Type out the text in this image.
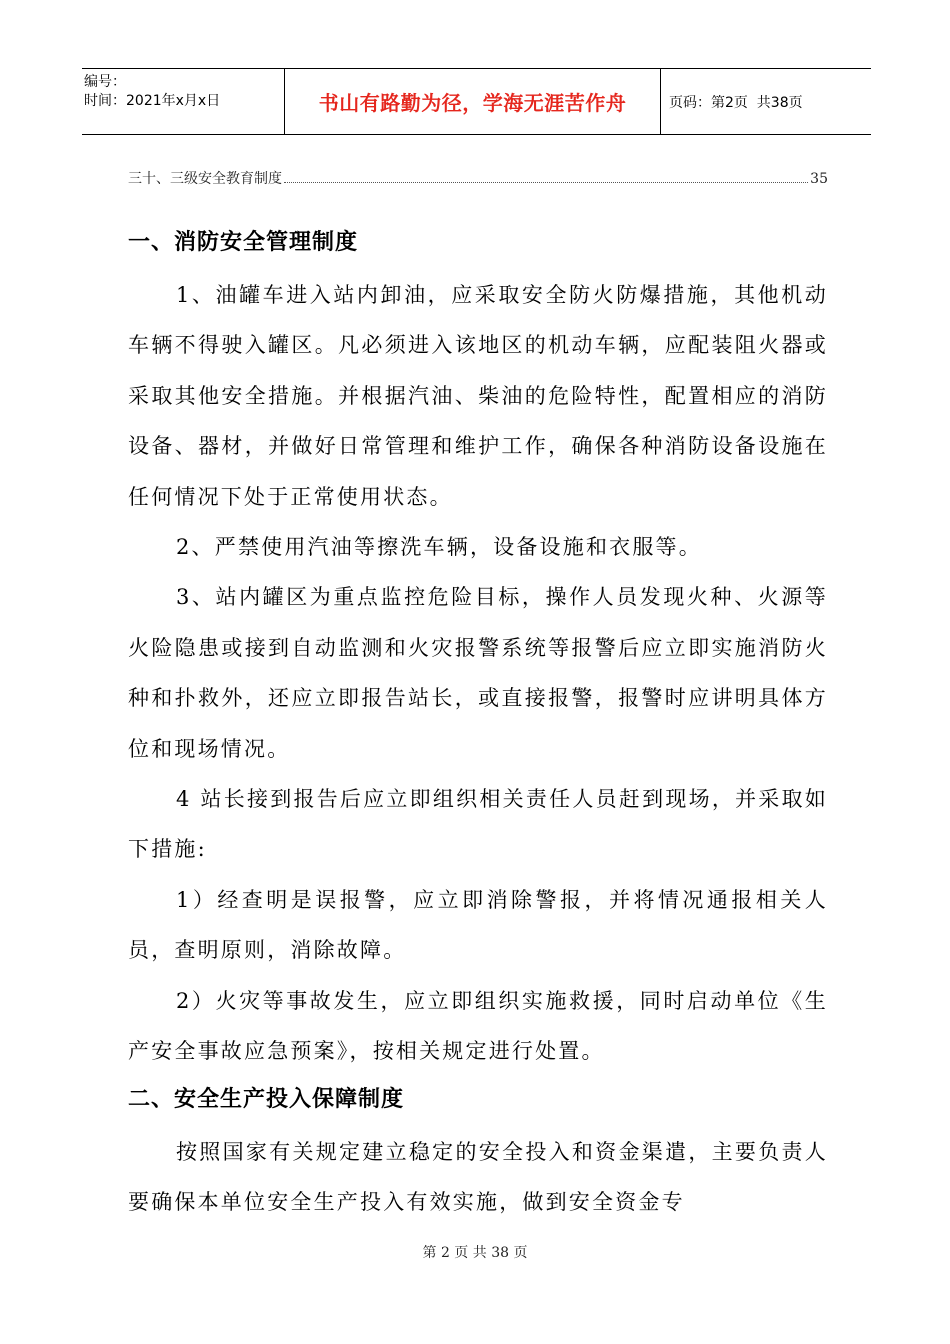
编号：
时间：2021年x月x日	书山有路勤为径，学海无涯苦作舟	页码：第2页  共38页
三十、三级安全教育制度	35
一、消防安全管理制度

1、油罐车进入站内卸油，应采取安全防火防爆措施，其他机动车辆不得驶入罐区。凡必须进入该地区的机动车辆，应配装阻火器或采取其他安全措施。并根据汽油、柴油的危险特性，配置相应的消防设备、器材，并做好日常管理和维护工作，确保各种消防设备设施在任何情况下处于正常使用状态。

2、严禁使用汽油等擦洗车辆，设备设施和衣服等。

3、站内罐区为重点监控危险目标，操作人员发现火种、火源等火险隐患或接到自动监测和火灾报警系统等报警后应立即实施消防火种和扑救外，还应立即报告站长，或直接报警，报警时应讲明具体方位和现场情况。

4 站长接到报告后应立即组织相关责任人员赶到现场，并采取如下措施:

1）经查明是误报警，应立即消除警报，并将情况通报相关人员，查明原则，消除故障。

2）火灾等事故发生，应立即组织实施救援，同时启动单位《生产安全事故应急预案》，按相关规定进行处置。

二、安全生产投入保障制度

按照国家有关规定建立稳定的安全投入和资金渠遣，主要负责人要确保本单位安全生产投入有效实施，做到安全资金专

第 2 页 共 38 页
